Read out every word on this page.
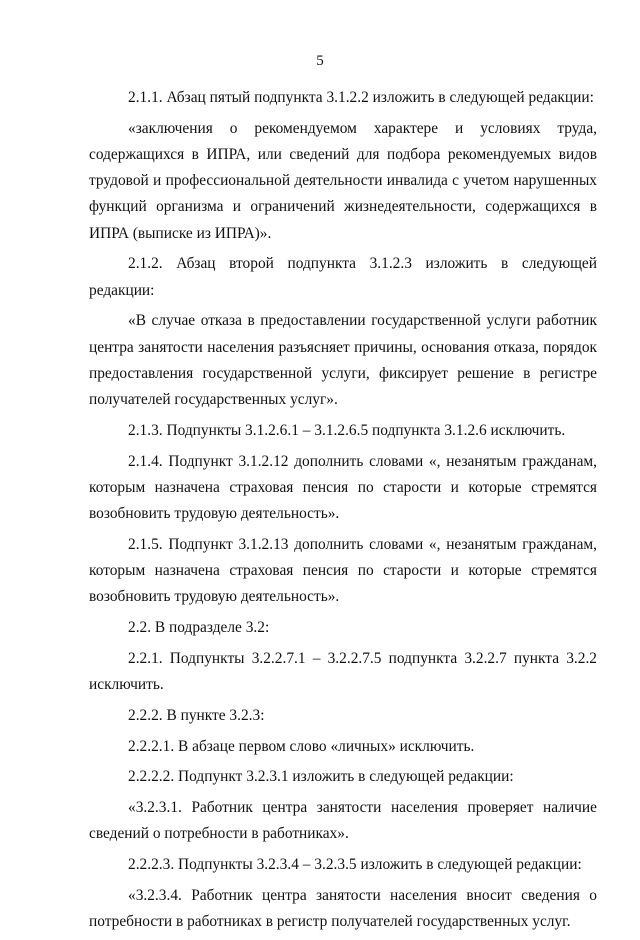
5

2.1.1. Абзац пятый подпункта 3.1.2.2 изложить в следующей редакции:

«заключения о рекомендуемом характере и условиях труда, содержащихся в ИПРА, или сведений для подбора рекомендуемых видов трудовой и профессиональной деятельности инвалида с учетом нарушенных функций организма и ограничений жизнедеятельности, содержащихся в ИПРА (выписке из ИПРА)».

2.1.2. Абзац второй подпункта 3.1.2.3 изложить в следующей редакции:

«В случае отказа в предоставлении государственной услуги работник центра занятости населения разъясняет причины, основания отказа, порядок предоставления государственной услуги, фиксирует решение в регистре получателей государственных услуг».

2.1.3. Подпункты 3.1.2.6.1 – 3.1.2.6.5 подпункта 3.1.2.6 исключить.

2.1.4. Подпункт 3.1.2.12 дополнить словами «, незанятым гражданам, которым назначена страховая пенсия по старости и которые стремятся возобновить трудовую деятельность».

2.1.5. Подпункт 3.1.2.13 дополнить словами «, незанятым гражданам, которым назначена страховая пенсия по старости и которые стремятся возобновить трудовую деятельность».

2.2. В подразделе 3.2:

2.2.1. Подпункты 3.2.2.7.1 – 3.2.2.7.5 подпункта 3.2.2.7 пункта 3.2.2 исключить.

2.2.2. В пункте 3.2.3:

2.2.2.1. В абзаце первом слово «личных» исключить.

2.2.2.2. Подпункт 3.2.3.1 изложить в следующей редакции:

«3.2.3.1. Работник центра занятости населения проверяет наличие сведений о потребности в работниках».

2.2.2.3. Подпункты 3.2.3.4 – 3.2.3.5 изложить в следующей редакции:

«3.2.3.4. Работник центра занятости населения вносит сведения о потребности в работниках в регистр получателей государственных услуг.
